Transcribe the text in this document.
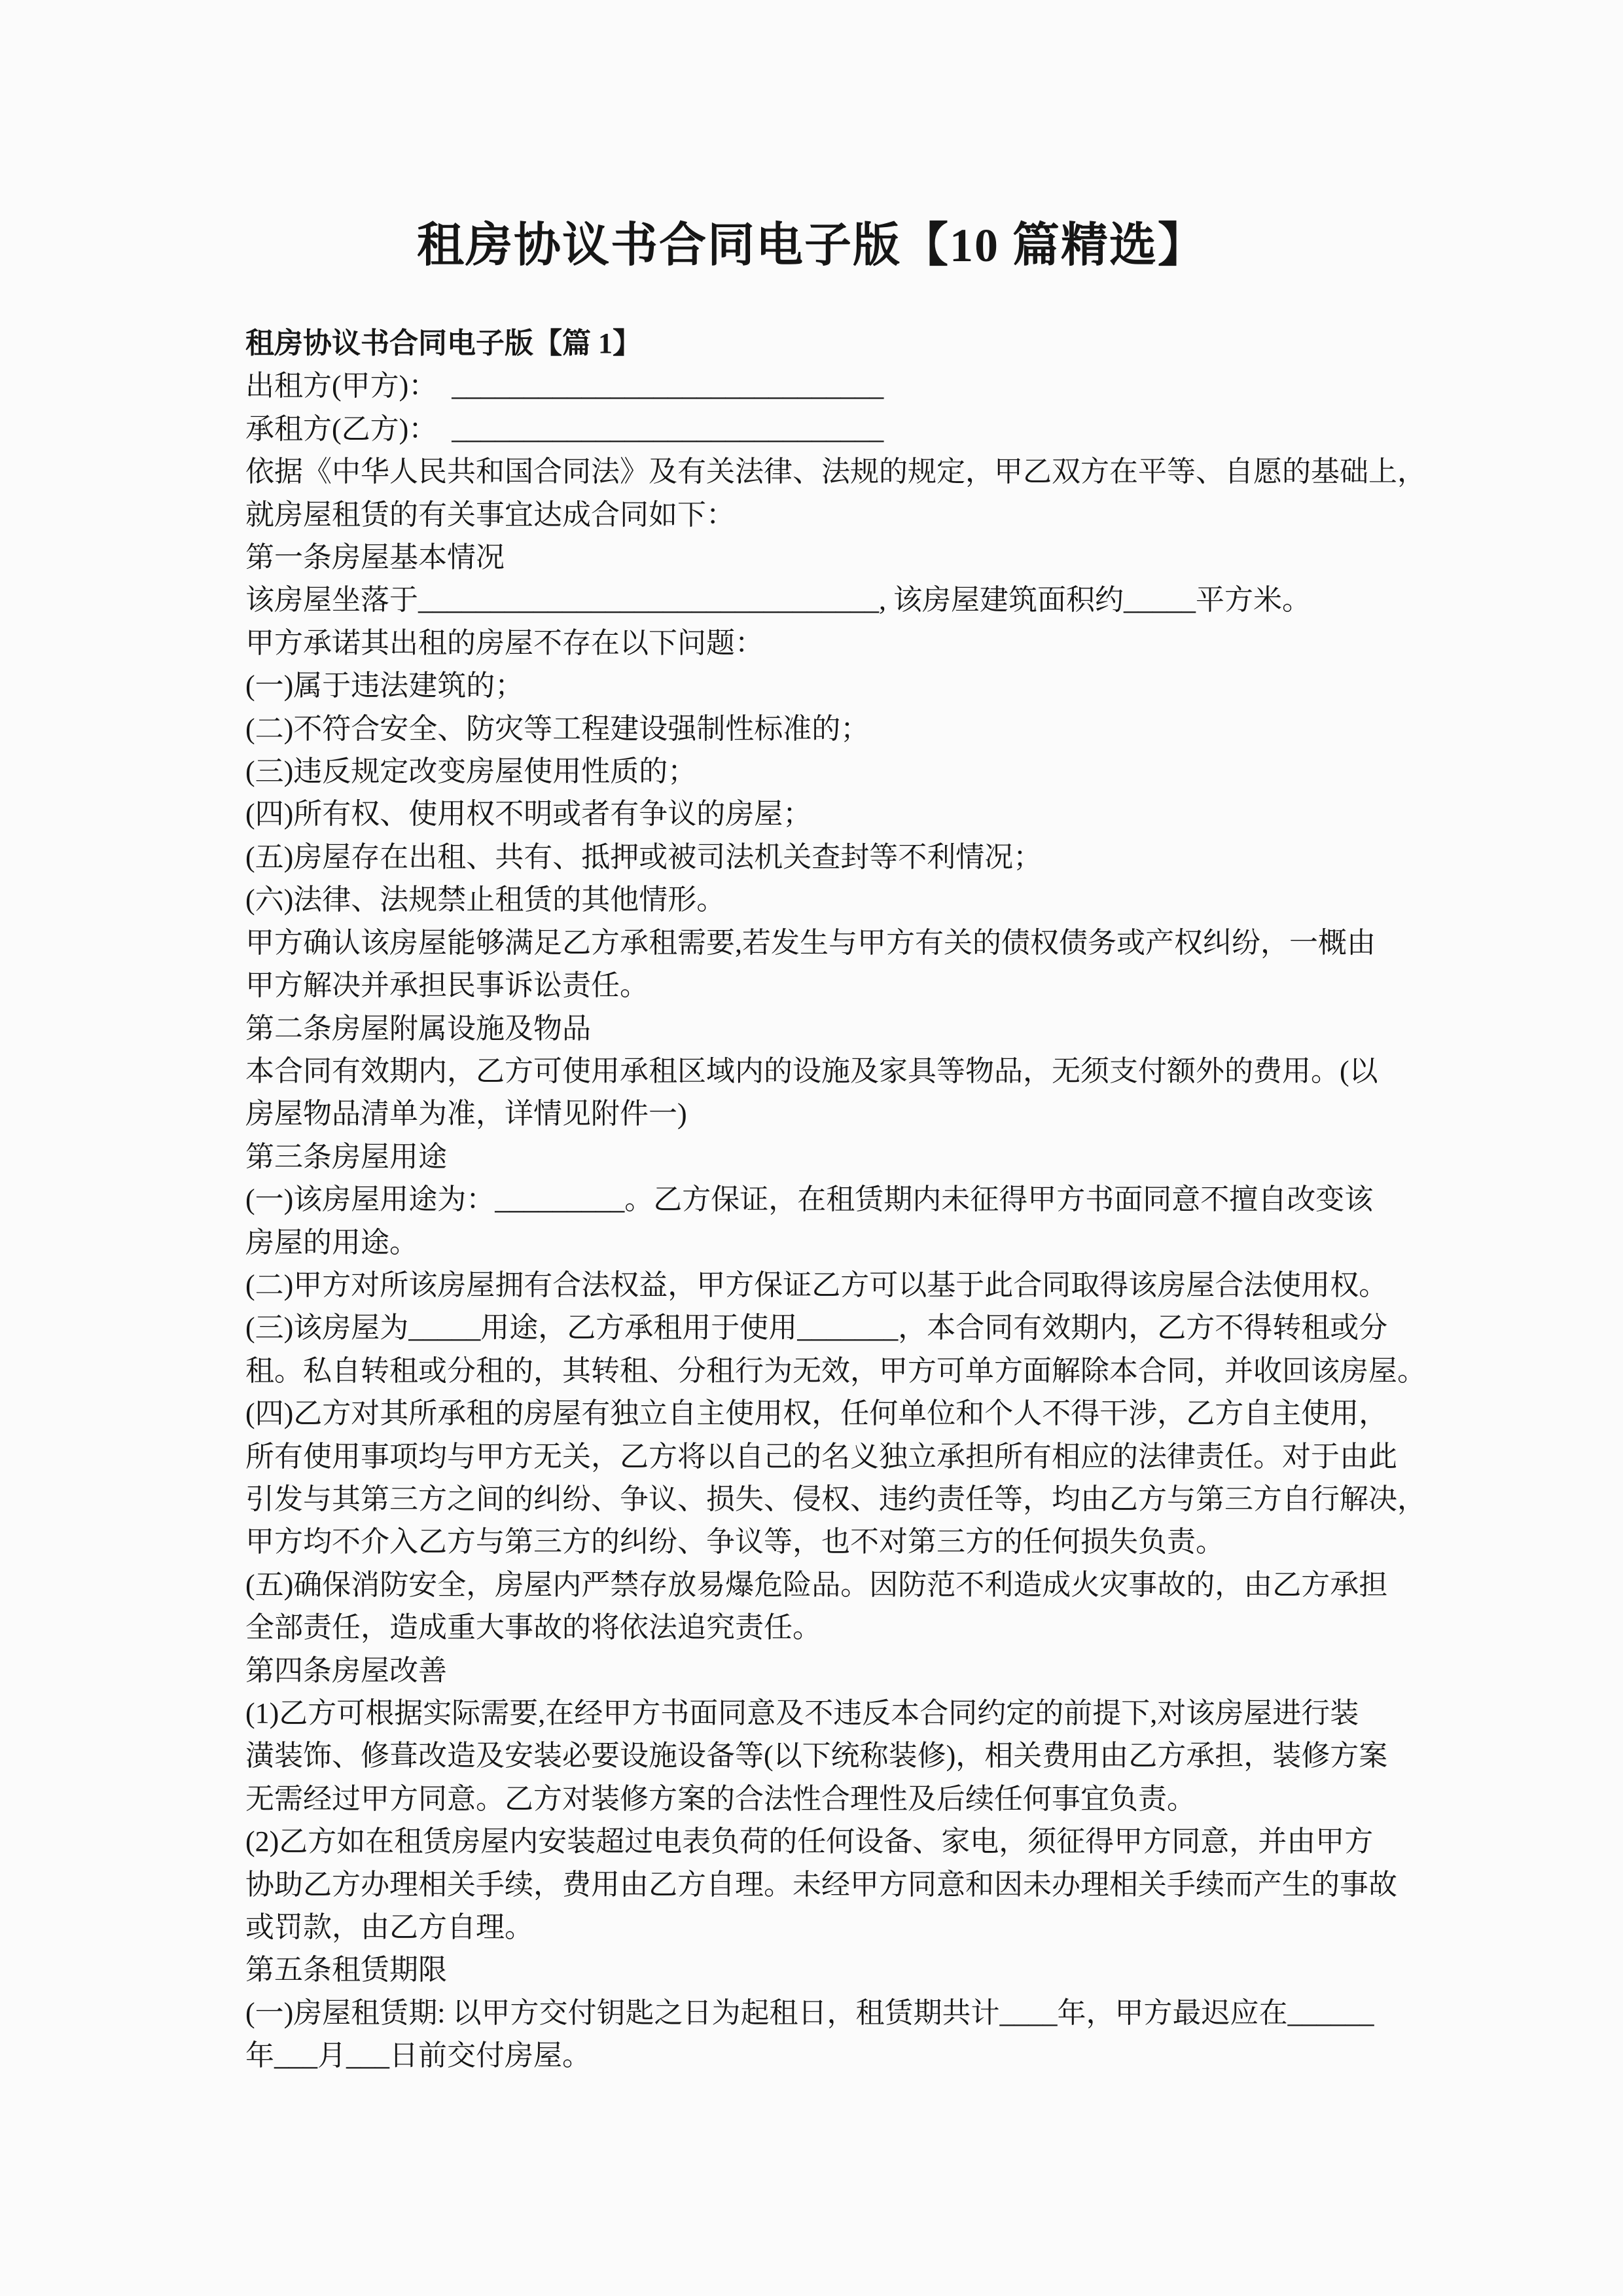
租房协议书合同电子版【10 篇精选】

租房协议书合同电子版【篇 1】

出租方(甲方)：　______________________________

承租方(乙方)：　______________________________

依据《中华人民共和国合同法》及有关法律、法规的规定，甲乙双方在平等、自愿的基础上，

就房屋租赁的有关事宜达成合同如下：

第一条房屋基本情况

该房屋坐落于________________________________, 该房屋建筑面积约_____平方米。

甲方承诺其出租的房屋不存在以下问题：

(一)属于违法建筑的；

(二)不符合安全、防灾等工程建设强制性标准的；

(三)违反规定改变房屋使用性质的；

(四)所有权、使用权不明或者有争议的房屋；

(五)房屋存在出租、共有、抵押或被司法机关查封等不利情况；

(六)法律、法规禁止租赁的其他情形。

甲方确认该房屋能够满足乙方承租需要,若发生与甲方有关的债权债务或产权纠纷，一概由

甲方解决并承担民事诉讼责任。

第二条房屋附属设施及物品

本合同有效期内，乙方可使用承租区域内的设施及家具等物品，无须支付额外的费用。(以

房屋物品清单为准，详情见附件一)

第三条房屋用途

(一)该房屋用途为：_________。乙方保证，在租赁期内未征得甲方书面同意不擅自改变该

房屋的用途。

(二)甲方对所该房屋拥有合法权益，甲方保证乙方可以基于此合同取得该房屋合法使用权。

(三)该房屋为_____用途，乙方承租用于使用_______，本合同有效期内，乙方不得转租或分

租。私自转租或分租的，其转租、分租行为无效，甲方可单方面解除本合同，并收回该房屋。

(四)乙方对其所承租的房屋有独立自主使用权，任何单位和个人不得干涉，乙方自主使用，

所有使用事项均与甲方无关，乙方将以自己的名义独立承担所有相应的法律责任。对于由此

引发与其第三方之间的纠纷、争议、损失、侵权、违约责任等，均由乙方与第三方自行解决，

甲方均不介入乙方与第三方的纠纷、争议等，也不对第三方的任何损失负责。

(五)确保消防安全，房屋内严禁存放易爆危险品。因防范不利造成火灾事故的，由乙方承担

全部责任，造成重大事故的将依法追究责任。

第四条房屋改善

(1)乙方可根据实际需要,在经甲方书面同意及不违反本合同约定的前提下,对该房屋进行装

潢装饰、修葺改造及安装必要设施设备等(以下统称装修)，相关费用由乙方承担，装修方案

无需经过甲方同意。乙方对装修方案的合法性合理性及后续任何事宜负责。

(2)乙方如在租赁房屋内安装超过电表负荷的任何设备、家电，须征得甲方同意，并由甲方

协助乙方办理相关手续，费用由乙方自理。未经甲方同意和因未办理相关手续而产生的事故

或罚款，由乙方自理。

第五条租赁期限

(一)房屋租赁期: 以甲方交付钥匙之日为起租日，租赁期共计____年，甲方最迟应在______

年___月___日前交付房屋。
